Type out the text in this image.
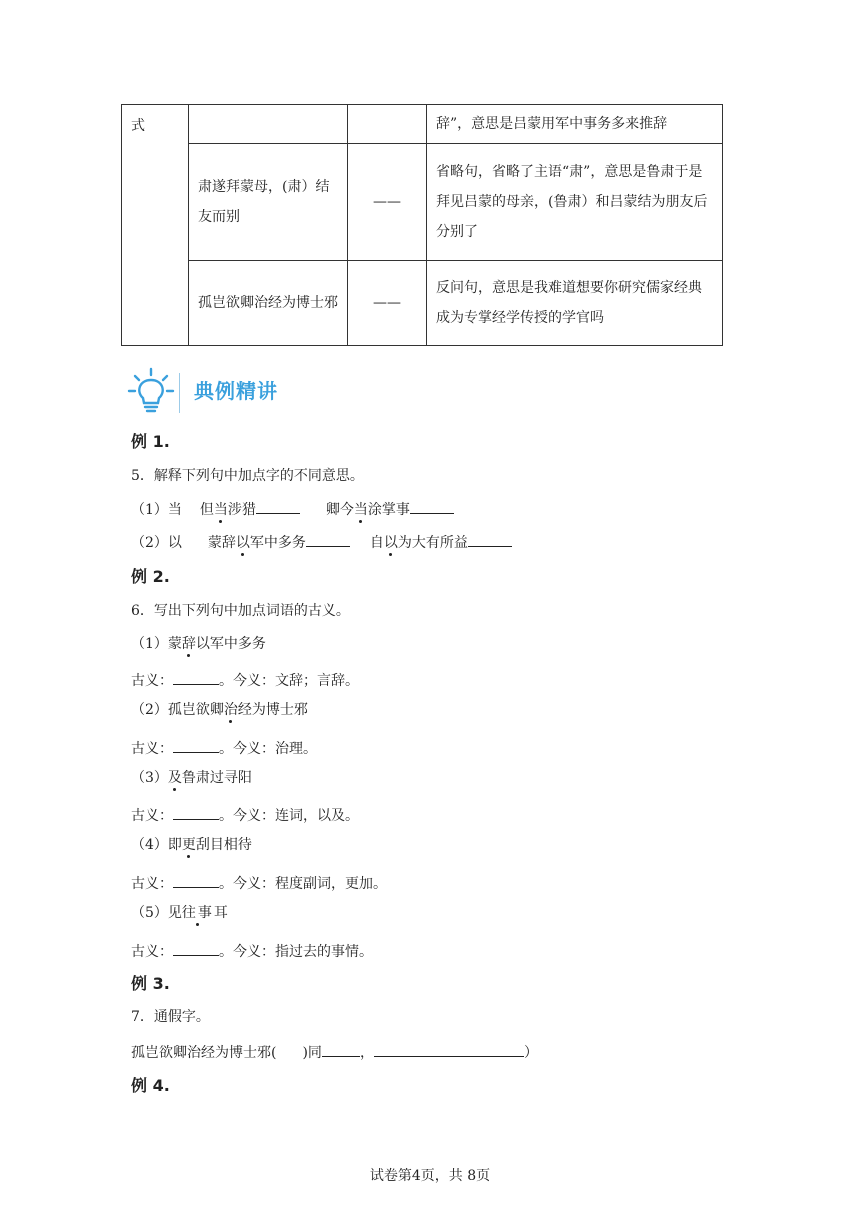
式			辞”，意思是吕蒙用军中事务多来推辞
	肃遂拜蒙母，(肃）结友而别	——	省略句，省略了主语“肃”，意思是鲁肃于是拜见吕蒙的母亲，(鲁肃）和吕蒙结为朋友后分别了
	孤岂欲卿治经为博士邪	——	反问句，意思是我难道想要你研究儒家经典成为专掌经学传授的学官吗
典例精讲
例 1.
5．解释下列句中加点字的不同意思。
（1）当 但当涉猎	卿今当涂掌事
（2）以 蒙辞以军中多务	自以为大有所益
例 2.
6．写出下列句中加点词语的古义。
（1）蒙辞以军中多务
古义：	。今义：文辞；言辞。
（2）孤岂欲卿治经为博士邪
古义：	。今义：治理。
（3）及鲁肃过寻阳
古义：	。今义：连词，以及。
（4）即更刮目相待
古义：	。今义：程度副词，更加。
（5）见往事耳
古义：	。今义：指过去的事情。
例 3.
7．通假字。
孤岂欲卿治经为博士邪( )同	，	）
例 4.
试卷第4页，共 8页
